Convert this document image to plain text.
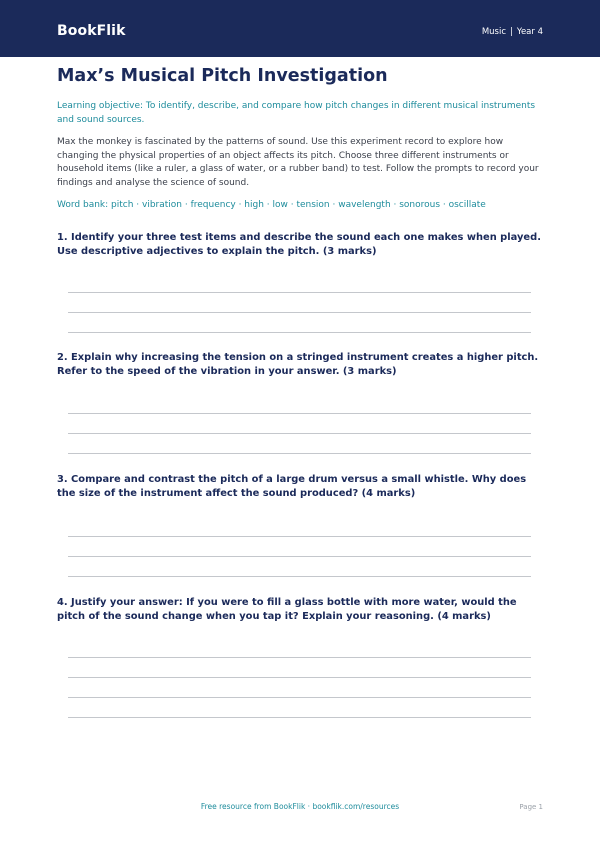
BookFlik	Music | Year 4
Max’s Musical Pitch Investigation

Learning objective: To identify, describe, and compare how pitch changes in different musical instruments and sound sources.

Max the monkey is fascinated by the patterns of sound. Use this experiment record to explore how changing the physical properties of an object affects its pitch. Choose three different instruments or household items (like a ruler, a glass of water, or a rubber band) to test. Follow the prompts to record your findings and analyse the science of sound.

Word bank: pitch · vibration · frequency · high · low · tension · wavelength · sonorous · oscillate

1. Identify your three test items and describe the sound each one makes when played. Use descriptive adjectives to explain the pitch. (3 marks)

2. Explain why increasing the tension on a stringed instrument creates a higher pitch. Refer to the speed of the vibration in your answer. (3 marks)

3. Compare and contrast the pitch of a large drum versus a small whistle. Why does the size of the instrument affect the sound produced? (4 marks)

4. Justify your answer: If you were to fill a glass bottle with more water, would the pitch of the sound change when you tap it? Explain your reasoning. (4 marks)

Free resource from BookFlik · bookflik.com/resources	Page 1
